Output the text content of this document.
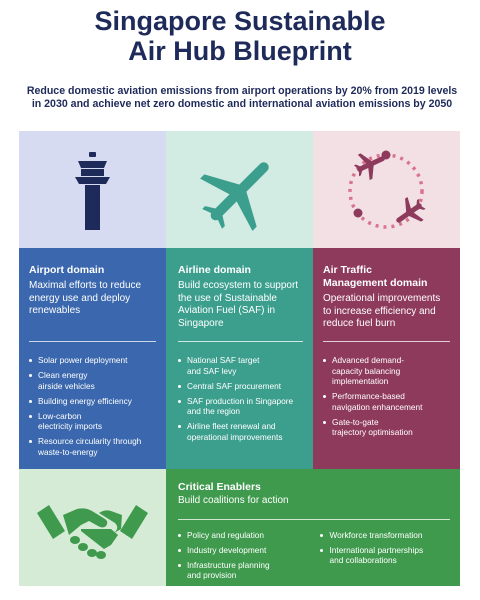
Singapore Sustainable
Air Hub Blueprint

Reduce domestic aviation emissions from airport operations by 20% from 2019 levels
in 2030 and achieve net zero domestic and international aviation emissions by 2050

Airport domain

Maximal efforts to reduce
energy use and deploy
renewables

Solar power deployment
Clean energy
airside vehicles
Building energy efficiency
Low-carbon
electricity imports
Resource circularity through
waste-to-energy

Airline domain

Build ecosystem to support
the use of Sustainable
Aviation Fuel (SAF) in
Singapore

National SAF target
and SAF levy
Central SAF procurement
SAF production in Singapore
and the region
Airline fleet renewal and
operational improvements

Air Traffic
Management domain

Operational improvements
to increase efficiency and
reduce fuel burn

Advanced demand-
capacity balancing
implementation
Performance-based
navigation enhancement
Gate-to-gate
trajectory optimisation

Critical Enablers

Build coalitions for action

Policy and regulation
Industry development
Infrastructure planning
and provision
Workforce transformation
International partnerships
and collaborations
